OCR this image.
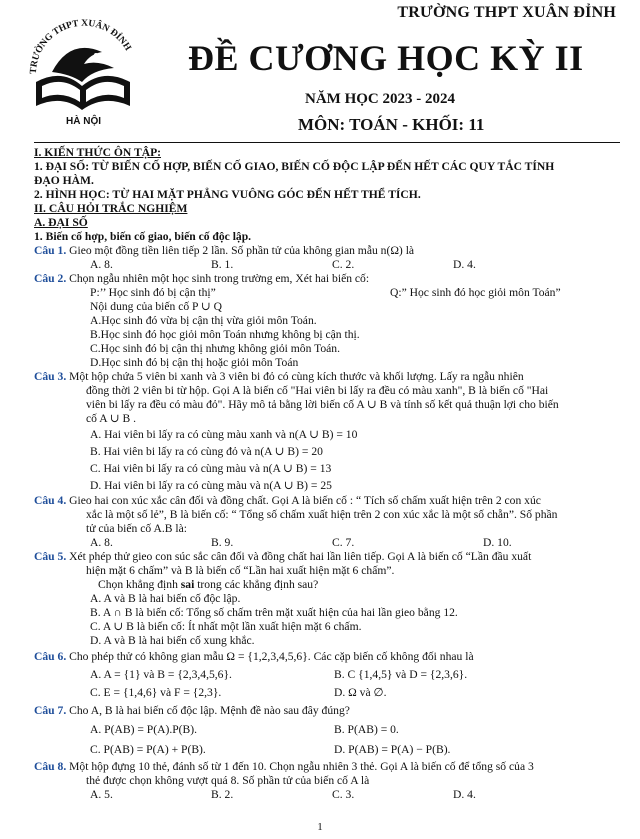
TRƯỜNG THPT XUÂN ĐỈNH
HÀ NỘI
TRƯỜNG THPT XUÂN ĐỈNH
ĐỀ CƯƠNG HỌC KỲ II
NĂM HỌC 2023 - 2024
MÔN: TOÁN - KHỐI: 11
I. KIẾN THỨC ÔN TẬP:
1. ĐẠI SỐ: TỪ BIẾN CỐ HỢP, BIẾN CỐ GIAO, BIẾN CỐ ĐỘC LẬP ĐẾN HẾT CÁC QUY TẮC TÍNH
ĐẠO HÀM.
2. HÌNH HỌC: TỪ HAI MẶT PHẲNG VUÔNG GÓC ĐẾN HẾT THỂ TÍCH.
II. CÂU HỎI TRẮC NGHIỆM
A. ĐẠI SỐ
1. Biến cố hợp, biến cố giao, biến cố độc lập.
Câu 1. Gieo một đồng tiền liên tiếp 2 lần. Số phần tử của không gian mẫu n(Ω) là
A. 8.	B. 1.	C. 2.	D. 4.
Câu 2. Chọn ngẫu nhiên một học sinh trong trường em, Xét hai biến cố:
P:’’ Học sinh đó bị cận thị”	Q:” Học sinh đó học giỏi môn Toán”
Nội dung của biến cố P ∪ Q
A.Học sinh đó vừa bị cận thị vừa giỏi môn Toán.
B.Học sinh đó học giỏi môn Toán nhưng không bị cận thị.
C.Học sinh đó bị cận thị nhưng không giỏi môn Toán.
D.Học sinh đó bị cận thị hoặc giỏi môn Toán
Câu 3. Một hộp chứa 5 viên bi xanh và 3 viên bi đỏ có cùng kích thước và khối lượng. Lấy ra ngẫu nhiên
đồng thời 2 viên bi từ hộp. Gọi A là biến cố "Hai viên bi lấy ra đều có màu xanh", B là biến cố "Hai
viên bi lấy ra đều có màu đỏ". Hãy mô tả bằng lời biến cố A ∪ B và tính số kết quả thuận lợi cho biến
cố A ∪ B .
A. Hai viên bi lấy ra có cùng màu xanh và n(A ∪ B) = 10
B. Hai viên bi lấy ra có cùng đỏ và n(A ∪ B) = 20
C. Hai viên bi lấy ra có cùng màu và n(A ∪ B) = 13
D. Hai viên bi lấy ra có cùng màu và n(A ∪ B) = 25
Câu 4. Gieo hai con xúc xắc cân đối và đồng chất. Gọi A là biến cố : “ Tích số chấm xuất hiện trên 2 con xúc
xắc là một số lẻ”, B là biến cố: “ Tổng số chấm xuất hiện trên 2 con xúc xắc là một số chẵn”. Số phần
tử của biến cố A.B là:
A. 8.	B. 9.	C. 7.	D. 10.
Câu 5. Xét phép thử gieo con súc sắc cân đối và đồng chất hai lần liên tiếp. Gọi A là biến cố “Lần đầu xuất
hiện mặt 6 chấm” và B là biến cố “Lần hai xuất hiện mặt 6 chấm”.
Chọn khẳng định sai trong các khẳng định sau?
A. A và B là hai biến cố độc lập.
B. A ∩ B là biến cố: Tổng số chấm trên mặt xuất hiện của hai lần gieo bằng 12.
C. A ∪ B là biến cố: Ít nhất một lần xuất hiện mặt 6 chấm.
D. A và B là hai biến cố xung khắc.
Câu 6. Cho phép thử có không gian mẫu Ω = {1,2,3,4,5,6}. Các cặp biến cố không đối nhau là
A. A = {1} và B = {2,3,4,5,6}.	B. C {1,4,5} và D = {2,3,6}.
C. E = {1,4,6} và F = {2,3}.	D. Ω và ∅.
Câu 7. Cho A, B là hai biến cố độc lập. Mệnh đề nào sau đây đúng?
A. P(AB) = P(A).P(B).	B. P(AB) = 0.
C. P(AB) = P(A) + P(B).	D. P(AB) = P(A) − P(B).
Câu 8. Một hộp đựng 10 thẻ, đánh số từ 1 đến 10. Chọn ngẫu nhiên 3 thẻ. Gọi A là biến cố để tổng số của 3
thẻ được chọn không vượt quá 8. Số phần tử của biến cố A là
A. 5.	B. 2.	C. 3.	D. 4.
1
